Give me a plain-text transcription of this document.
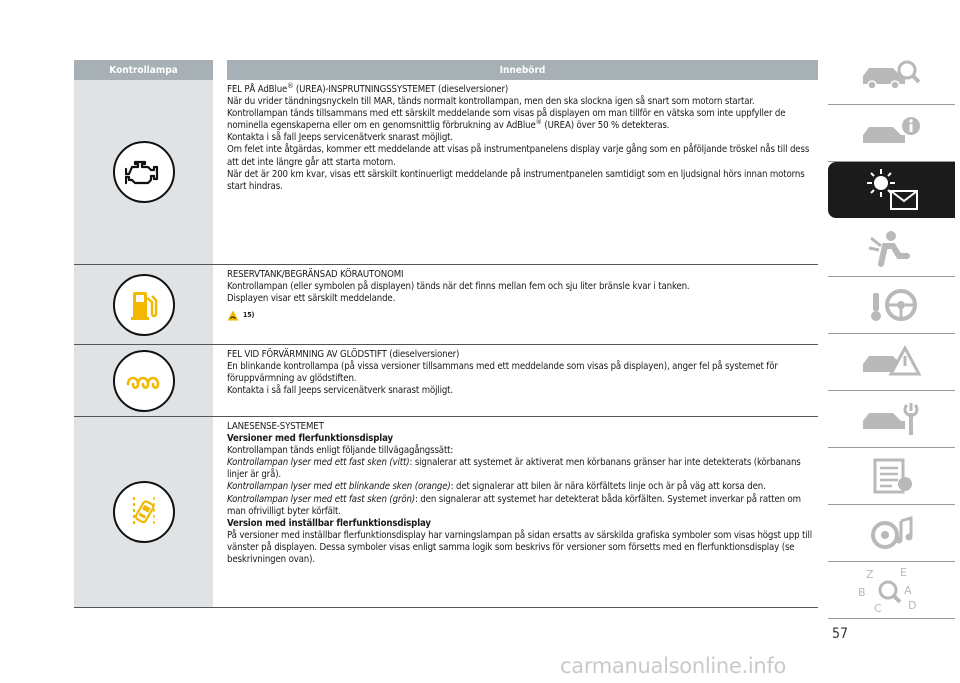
Kontrollampa	Innebörd

FEL PÅ AdBlue® (UREA)-INSPRUTNINGSSYSTEMET (dieselversioner)

När du vrider tändningsnyckeln till MAR, tänds normalt kontrollampan, men den ska slockna igen så snart som motorn startar.

Kontrollampan tänds tillsammans med ett särskilt meddelande som visas på displayen om man tillför en vätska som inte uppfyller de nominella egenskaperna eller om en genomsnittlig förbrukning av AdBlue® (UREA) över 50 % detekteras.

Kontakta i så fall Jeeps servicenätverk snarast möjligt.

Om felet inte åtgärdas, kommer ett meddelande att visas på instrumentpanelens display varje gång som en påföljande tröskel nås till dess att det inte längre går att starta motorn.

När det är 200 km kvar, visas ett särskilt kontinuerligt meddelande på instrumentpanelen samtidigt som en ljudsignal hörs innan motorns start hindras.

RESERVTANK/BEGRÄNSAD KÖRAUTONOMI

Kontrollampan (eller symbolen på displayen) tänds när det finns mellan fem och sju liter bränsle kvar i tanken.

Displayen visar ett särskilt meddelande.

15)

FEL VID FÖRVÄRMNING AV GLÖDSTIFT (dieselversioner)

En blinkande kontrollampa (på vissa versioner tillsammans med ett meddelande som visas på displayen), anger fel på systemet för föruppvärmning av glödstiften.

Kontakta i så fall Jeeps servicenätverk snarast möjligt.

LANESENSE-SYSTEMET

Versioner med flerfunktionsdisplay

Kontrollampan tänds enligt följande tillvägagångssätt:

Kontrollampan lyser med ett fast sken (vitt): signalerar att systemet är aktiverat men körbanans gränser har inte detekterats (körbanans linjer är grå).

Kontrollampan lyser med ett blinkande sken (orange): det signalerar att bilen är nära körfältets linje och är på väg att korsa den.

Kontrollampan lyser med ett fast sken (grön): den signalerar att systemet har detekterat båda körfälten. Systemet inverkar på ratten om man ofrivilligt byter körfält.

Version med inställbar flerfunktionsdisplay

På versioner med inställbar flerfunktionsdisplay har varningslampan på sidan ersatts av särskilda grafiska symboler som visas högst upp till vänster på displayen. Dessa symboler visas enligt samma logik som beskrivs för versioner som försetts med en flerfunktionsdisplay (se beskrivningen ovan).

Z E
B	A
C D
57
carmanualsonline.info
